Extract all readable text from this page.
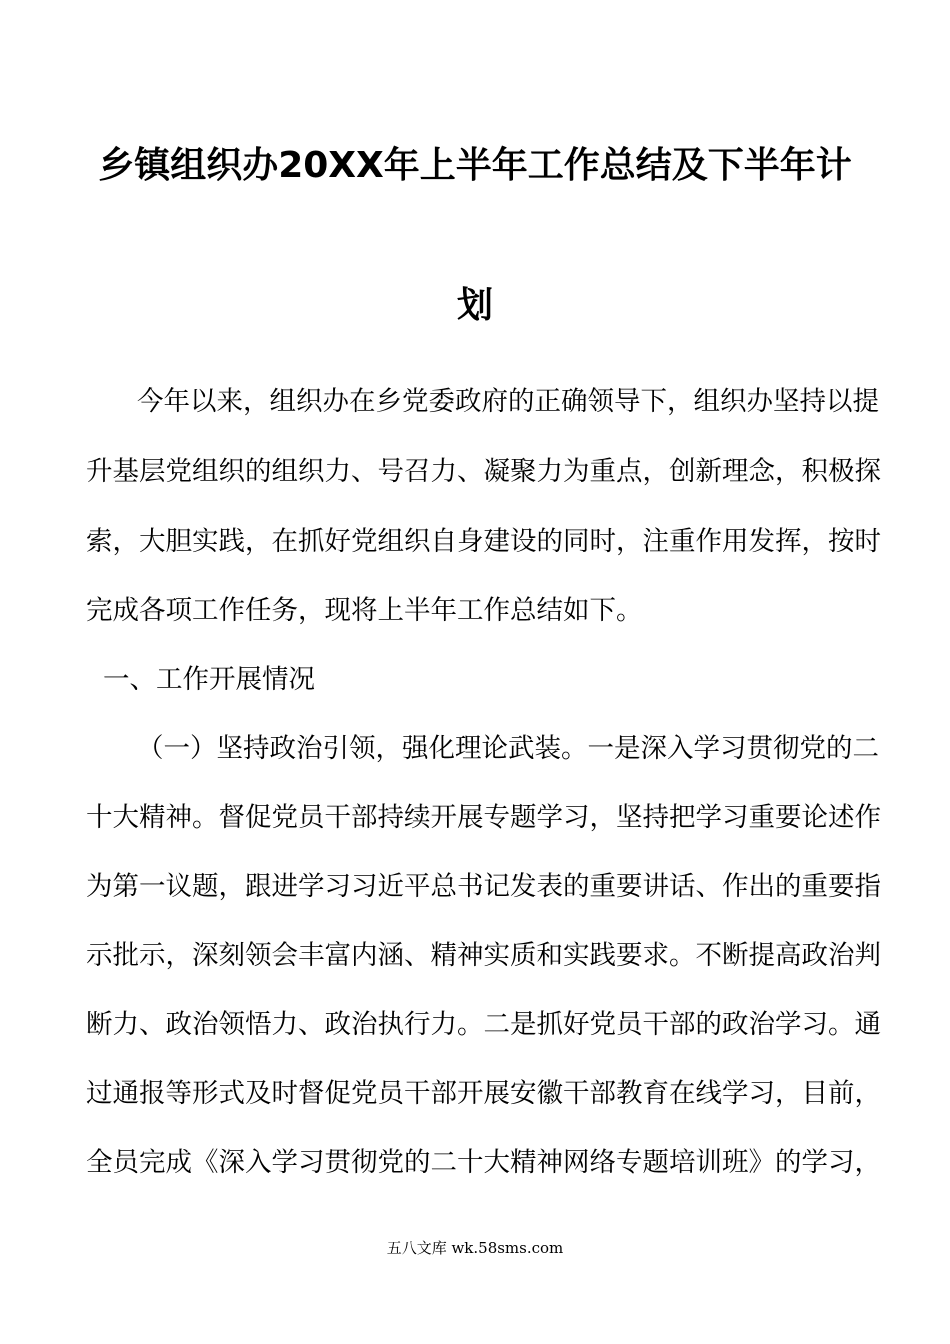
乡镇组织办20XX年上半年工作总结及下半年计
划
今年以来，组织办在乡党委政府的正确领导下，组织办坚持以提
升基层党组织的组织力、号召力、凝聚力为重点，创新理念，积极探
索，大胆实践，在抓好党组织自身建设的同时，注重作用发挥，按时
完成各项工作任务，现将上半年工作总结如下。
一、工作开展情况
（一）坚持政治引领，强化理论武装。一是深入学习贯彻党的二
十大精神。督促党员干部持续开展专题学习，坚持把学习重要论述作
为第一议题，跟进学习习近平总书记发表的重要讲话、作出的重要指
示批示，深刻领会丰富内涵、精神实质和实践要求。不断提高政治判
断力、政治领悟力、政治执行力。二是抓好党员干部的政治学习。通
过通报等形式及时督促党员干部开展安徽干部教育在线学习，目前，
全员完成《深入学习贯彻党的二十大精神网络专题培训班》的学习，
五八文库 wk.58sms.com
